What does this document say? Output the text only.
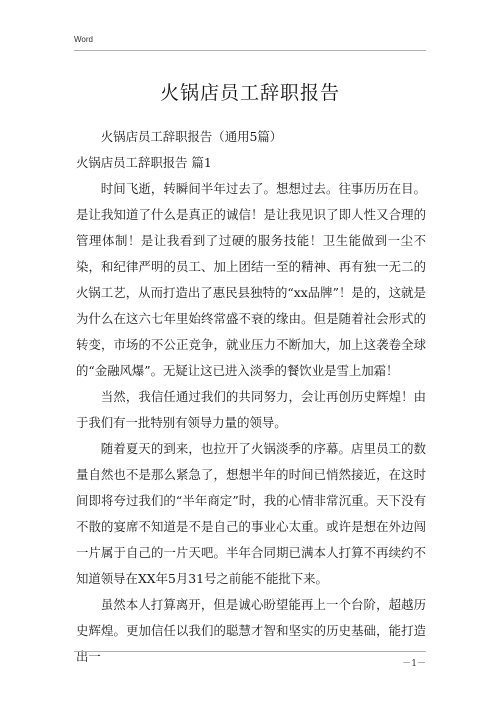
Word
火锅店员工辞职报告

火锅店员工辞职报告（通用5篇）

火锅店员工辞职报告 篇1

时间飞逝，转瞬间半年过去了。想想过去。往事历历在目。是让我知道了什么是真正的诚信！是让我见识了即人性又合理的管理体制！是让我看到了过硬的服务技能！卫生能做到一尘不染，和纪律严明的员工、加上团结一至的精神、再有独一无二的火锅工艺，从而打造出了惠民县独特的“xx品牌”！是的，这就是为什么在这六七年里始终常盛不衰的缘由。但是随着社会形式的转变，市场的不公正竞争，就业压力不断加大，加上这袭卷全球的“金融风爆”。无疑让这已进入淡季的餐饮业是雪上加霜！

当然，我信任通过我们的共同努力，会让再创历史辉煌！由于我们有一批特别有领导力量的领导。

随着夏天的到来，也拉开了火锅淡季的序幕。店里员工的数量自然也不是那么紧急了，想想半年的时间已悄然接近，在这时间即将夸过我们的“半年商定”时，我的心情非常沉重。天下没有不散的宴席不知道是不是自己的事业心太重。或许是想在外边闯一片属于自己的一片天吧。半年合同期已满本人打算不再续约不知道领导在XX年5月31号之前能不能批下来。

虽然本人打算离开，但是诚心盼望能再上一个台阶，超越历史辉煌。更加信任以我们的聪慧才智和坚实的历史基础，能打造出一	－1－
